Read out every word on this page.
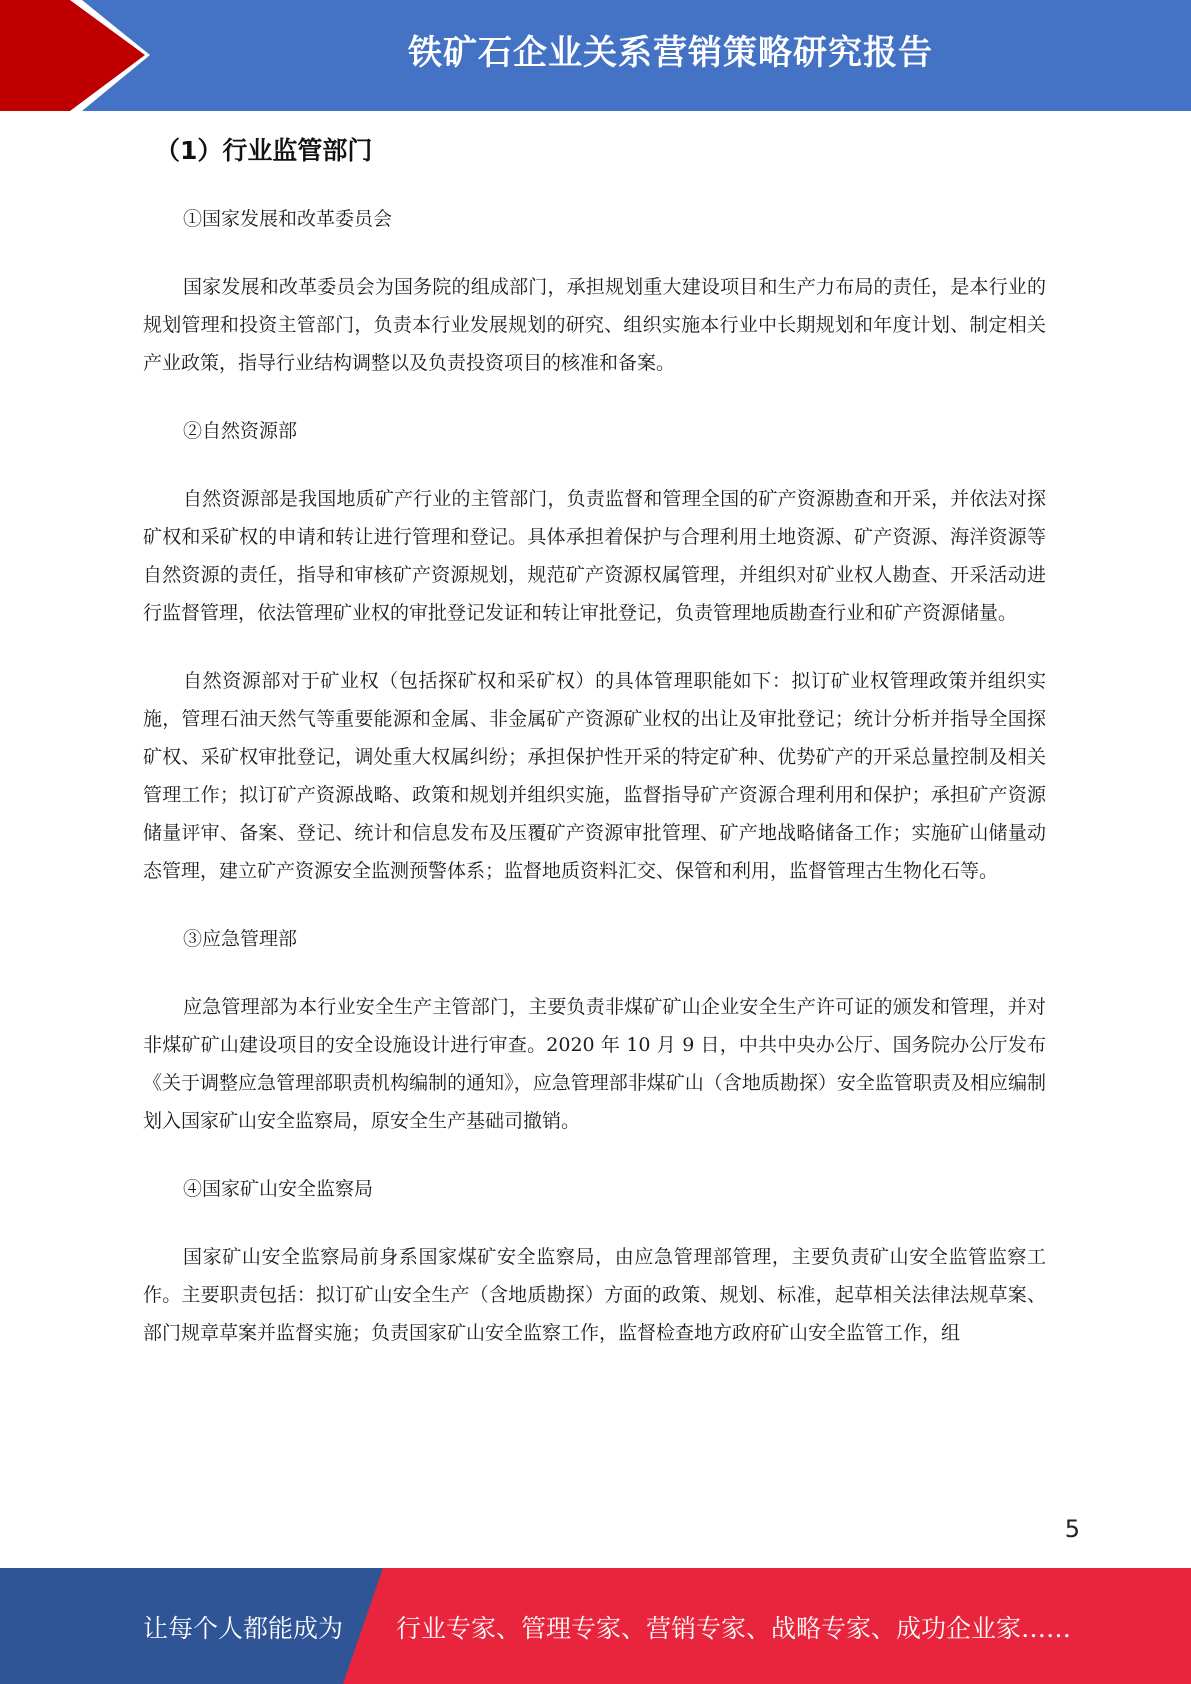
铁矿石企业关系营销策略研究报告
（1）行业监管部门

①国家发展和改革委员会

国家发展和改革委员会为国务院的组成部门，承担规划重大建设项目和生产力布局的责任，是本行业的规划管理和投资主管部门，负责本行业发展规划的研究、组织实施本行业中长期规划和年度计划、制定相关产业政策，指导行业结构调整以及负责投资项目的核准和备案。

②自然资源部

自然资源部是我国地质矿产行业的主管部门，负责监督和管理全国的矿产资源勘查和开采，并依法对探矿权和采矿权的申请和转让进行管理和登记。具体承担着保护与合理利用土地资源、矿产资源、海洋资源等自然资源的责任，指导和审核矿产资源规划，规范矿产资源权属管理，并组织对矿业权人勘查、开采活动进行监督管理，依法管理矿业权的审批登记发证和转让审批登记，负责管理地质勘查行业和矿产资源储量。

自然资源部对于矿业权（包括探矿权和采矿权）的具体管理职能如下：拟订矿业权管理政策并组织实施，管理石油天然气等重要能源和金属、非金属矿产资源矿业权的出让及审批登记；统计分析并指导全国探矿权、采矿权审批登记，调处重大权属纠纷；承担保护性开采的特定矿种、优势矿产的开采总量控制及相关管理工作；拟订矿产资源战略、政策和规划并组织实施，监督指导矿产资源合理利用和保护；承担矿产资源储量评审、备案、登记、统计和信息发布及压覆矿产资源审批管理、矿产地战略储备工作；实施矿山储量动态管理，建立矿产资源安全监测预警体系；监督地质资料汇交、保管和利用，监督管理古生物化石等。

③应急管理部

应急管理部为本行业安全生产主管部门，主要负责非煤矿矿山企业安全生产许可证的颁发和管理，并对非煤矿矿山建设项目的安全设施设计进行审查。2020 年 10 月 9 日，中共中央办公厅、国务院办公厅发布《关于调整应急管理部职责机构编制的通知》，应急管理部非煤矿山（含地质勘探）安全监管职责及相应编制划入国家矿山安全监察局，原安全生产基础司撤销。

④国家矿山安全监察局

国家矿山安全监察局前身系国家煤矿安全监察局，由应急管理部管理，主要负责矿山安全监管监察工作。主要职责包括：拟订矿山安全生产（含地质勘探）方面的政策、规划、标准，起草相关法律法规草案、部门规章草案并监督实施；负责国家矿山安全监察工作，监督检查地方政府矿山安全监管工作，组

5
让每个人都能成为 行业专家、管理专家、营销专家、战略专家、成功企业家……
